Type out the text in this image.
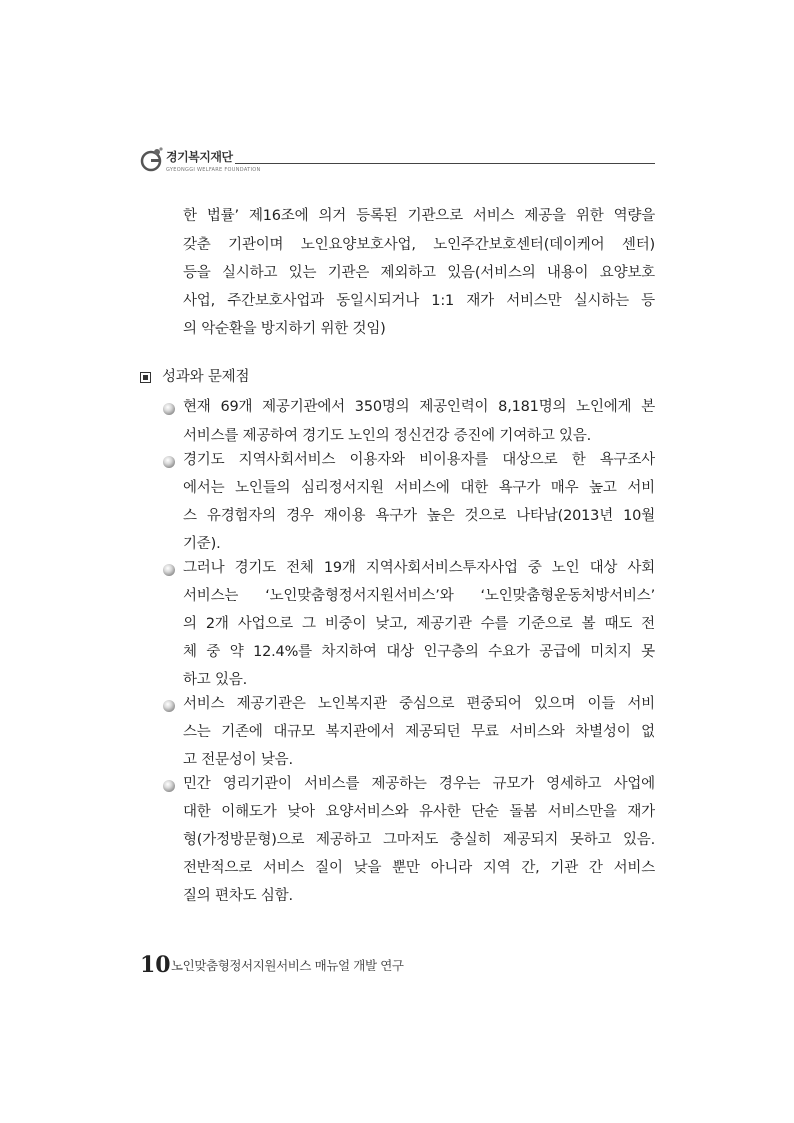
경기복지재단
GYEONGGI WELFARE FOUNDATION
한 법률’ 제16조에 의거 등록된 기관으로 서비스 제공을 위한 역량을
갖춘 기관이며 노인요양보호사업, 노인주간보호센터(데이케어 센터)
등을 실시하고 있는 기관은 제외하고 있음(서비스의 내용이 요양보호
사업, 주간보호사업과 동일시되거나 1:1 재가 서비스만 실시하는 등
의 악순환을 방지하기 위한 것임)
성과와 문제점
현재 69개 제공기관에서 350명의 제공인력이 8,181명의 노인에게 본
서비스를 제공하여 경기도 노인의 정신건강 증진에 기여하고 있음.
경기도 지역사회서비스 이용자와 비이용자를 대상으로 한 욕구조사
에서는 노인들의 심리정서지원 서비스에 대한 욕구가 매우 높고 서비
스 유경험자의 경우 재이용 욕구가 높은 것으로 나타남(2013년 10월
기준).
그러나 경기도 전체 19개 지역사회서비스투자사업 중 노인 대상 사회
서비스는 ‘노인맞춤형정서지원서비스’와 ‘노인맞춤형운동처방서비스’
의 2개 사업으로 그 비중이 낮고, 제공기관 수를 기준으로 볼 때도 전
체 중 약 12.4%를 차지하여 대상 인구층의 수요가 공급에 미치지 못
하고 있음.
서비스 제공기관은 노인복지관 중심으로 편중되어 있으며 이들 서비
스는 기존에 대규모 복지관에서 제공되던 무료 서비스와 차별성이 없
고 전문성이 낮음.
민간 영리기관이 서비스를 제공하는 경우는 규모가 영세하고 사업에
대한 이해도가 낮아 요양서비스와 유사한 단순 돌봄 서비스만을 재가
형(가정방문형)으로 제공하고 그마저도 충실히 제공되지 못하고 있음.
전반적으로 서비스 질이 낮을 뿐만 아니라 지역 간, 기관 간 서비스
질의 편차도 심함.
10 노인맞춤형정서지원서비스 매뉴얼 개발 연구
